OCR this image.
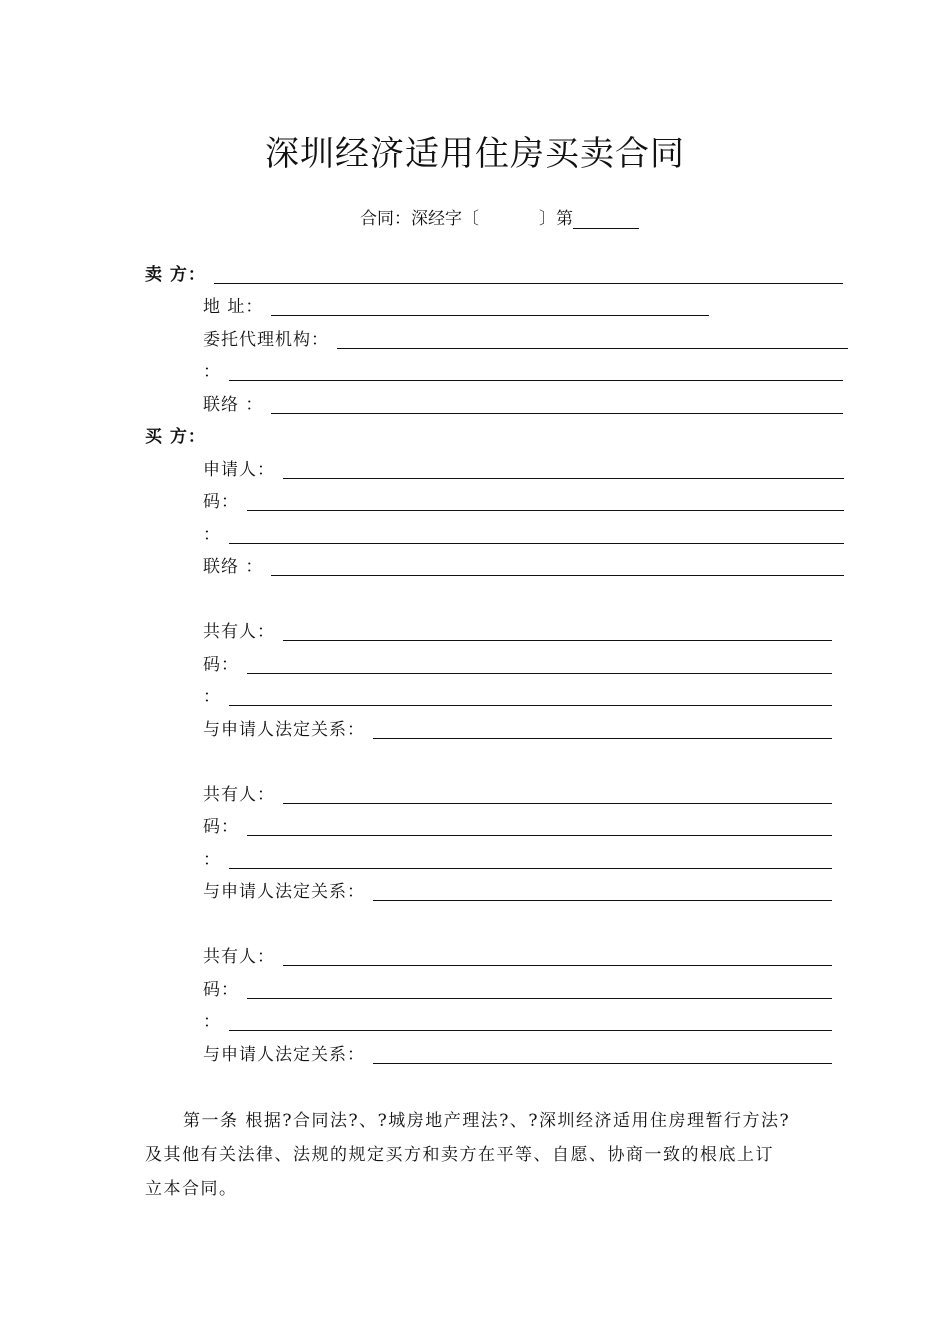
深圳经济适用住房买卖合同
合同：深经字〔	〕第
卖 方：
地 址：
委托代理机构：
：
联络 ：
买 方：
申请人：
码：
：
联络 ：
共有人：
码：
：
与申请人法定关系：
共有人：
码：
：
与申请人法定关系：
共有人：
码：
：
与申请人法定关系：
第一条 根据?合同法?、?城房地产理法?、?深圳经济适用住房理暂行方法?
及其他有关法律、法规的规定买方和卖方在平等、自愿、协商一致的根底上订
立本合同。
